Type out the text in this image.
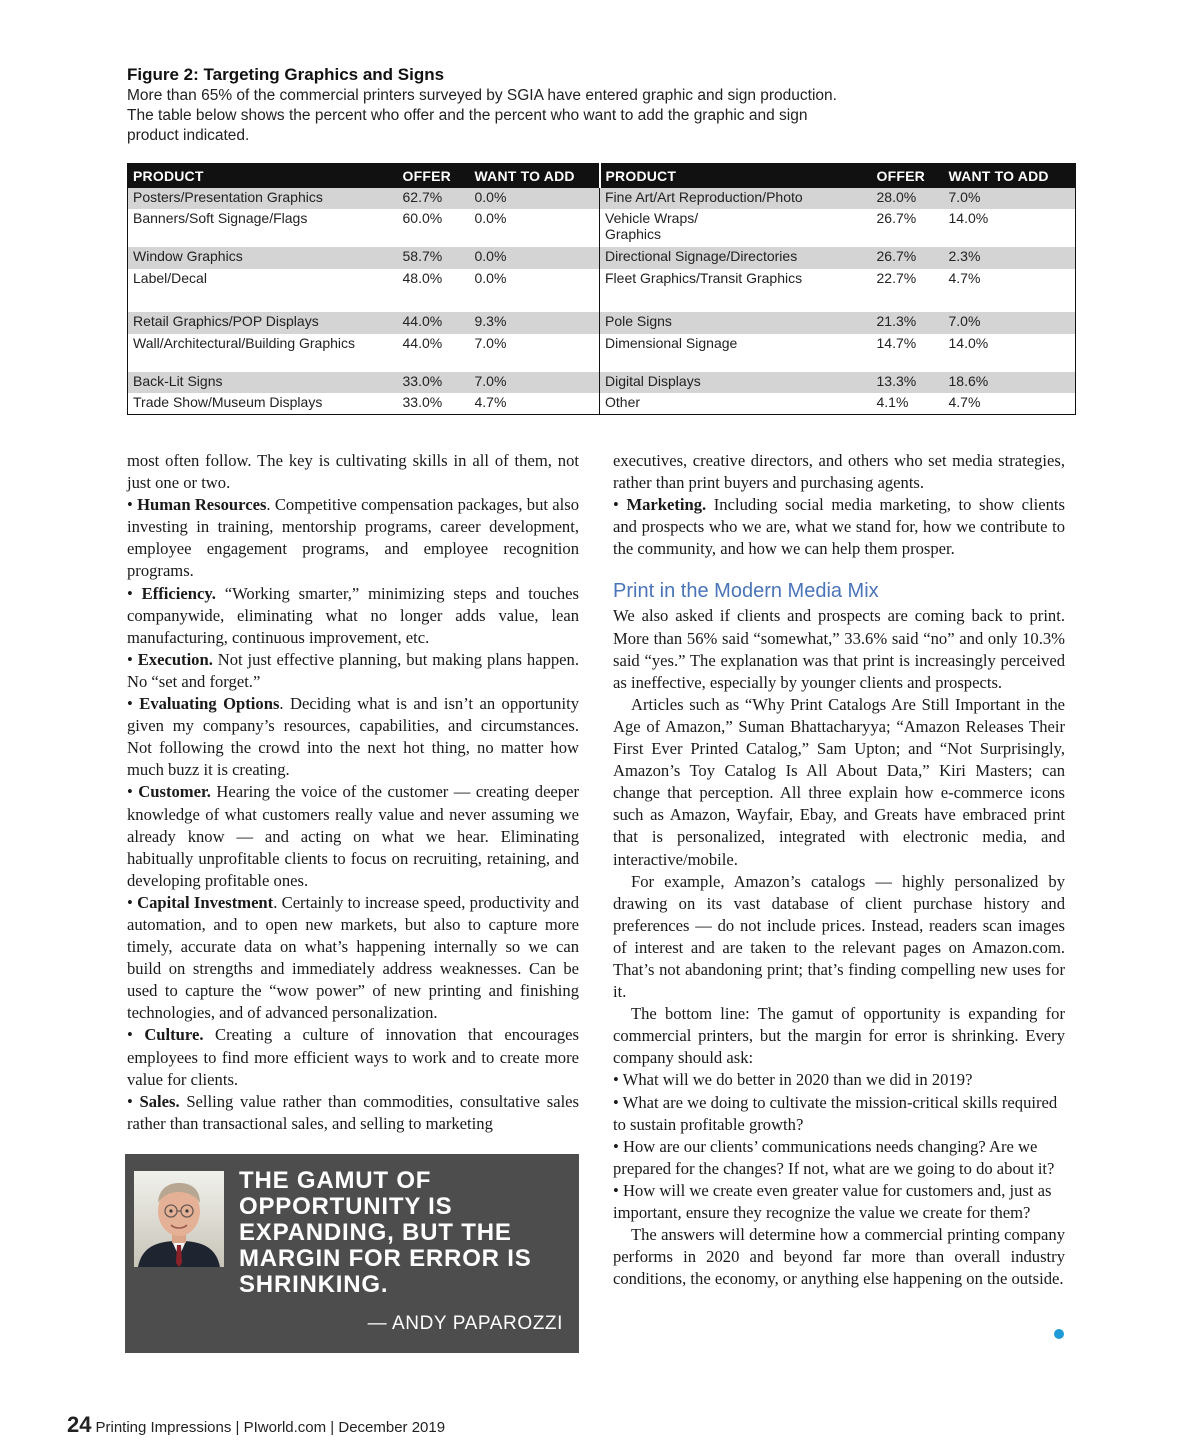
Figure 2: Targeting Graphics and Signs

More than 65% of the commercial printers surveyed by SGIA have entered graphic and sign production.
The table below shows the percent who offer and the percent who want to add the graphic and sign
product indicated.

PRODUCT	OFFER	WANT TO ADD	PRODUCT	OFFER	WANT TO ADD
Posters/Presentation Graphics	62.7%	0.0%	Fine Art/Art Reproduction/Photo	28.0%	7.0%
Banners/Soft Signage/Flags	60.0%	0.0%	Vehicle Wraps/ Graphics	26.7%	14.0%
Window Graphics	58.7%	0.0%	Directional Signage/Directories	26.7%	2.3%
Label/Decal	48.0%	0.0%	Fleet Graphics/Transit Graphics	22.7%	4.7%
Retail Graphics/POP Displays	44.0%	9.3%	Pole Signs	21.3%	7.0%
Wall/Architectural/Building Graphics	44.0%	7.0%	Dimensional Signage	14.7%	14.0%
Back-Lit Signs	33.0%	7.0%	Digital Displays	13.3%	18.6%
Trade Show/Museum Displays	33.0%	4.7%	Other	4.1%	4.7%

most often follow. The key is cultivating skills in all of them, not just one or two.

• Human Resources. Competitive compensation packages, but also investing in training, mentorship programs, career development, employee engagement programs, and employee recognition programs.

• Efficiency. “Working smarter,” minimizing steps and touches companywide, eliminating what no longer adds value, lean manufacturing, continuous improvement, etc.

• Execution. Not just effective planning, but making plans happen. No “set and forget.”

• Evaluating Options. Deciding what is and isn’t an opportunity given my company’s resources, capabilities, and circumstances. Not following the crowd into the next hot thing, no matter how much buzz it is creating.

• Customer. Hearing the voice of the customer — creating deeper knowledge of what customers really value and never assuming we already know — and acting on what we hear. Eliminating habitually unprofitable clients to focus on recruiting, retaining, and developing profitable ones.

• Capital Investment. Certainly to increase speed, productivity and automation, and to open new markets, but also to capture more timely, accurate data on what’s happening internally so we can build on strengths and immediately address weaknesses. Can be used to capture the “wow power” of new printing and finishing technologies, and of advanced personalization.

• Culture. Creating a culture of innovation that encourages employees to find more efficient ways to work and to create more value for clients.

• Sales. Selling value rather than commodities, consultative sales rather than transactional sales, and selling to marketing

executives, creative directors, and others who set media strategies, rather than print buyers and purchasing agents.

• Marketing. Including social media marketing, to show clients and prospects who we are, what we stand for, how we contribute to the community, and how we can help them prosper.

Print in the Modern Media Mix

We also asked if clients and prospects are coming back to print. More than 56% said “somewhat,” 33.6% said “no” and only 10.3% said “yes.” The explanation was that print is increasingly perceived as ineffective, especially by younger clients and prospects.

Articles such as “Why Print Catalogs Are Still Important in the Age of Amazon,” Suman Bhattacharyya; “Amazon Releases Their First Ever Printed Catalog,” Sam Upton; and “Not Surprisingly, Amazon’s Toy Catalog Is All About Data,” Kiri Masters; can change that perception. All three explain how e-commerce icons such as Amazon, Wayfair, Ebay, and Greats have embraced print that is personalized, integrated with electronic media, and interactive/mobile.

For example, Amazon’s catalogs — highly personalized by drawing on its vast database of client purchase history and preferences — do not include prices. Instead, readers scan images of interest and are taken to the relevant pages on Amazon.com. That’s not abandoning print; that’s finding compelling new uses for it.

The bottom line: The gamut of opportunity is expanding for commercial printers, but the margin for error is shrinking. Every company should ask:

• What will we do better in 2020 than we did in 2019?

• What are we doing to cultivate the mission-critical skills required to sustain profitable growth?

• How are our clients’ communications needs changing? Are we prepared for the changes? If not, what are we going to do about it?

• How will we create even greater value for customers and, just as important, ensure they recognize the value we create for them?

The answers will determine how a commercial printing company performs in 2020 and beyond far more than overall industry conditions, the economy, or anything else happening on the outside.

THE GAMUT OF OPPORTUNITY IS EXPANDING, BUT THE MARGIN FOR ERROR IS SHRINKING.

— ANDY PAPAROZZI

24 Printing Impressions | PIworld.com | December 2019
